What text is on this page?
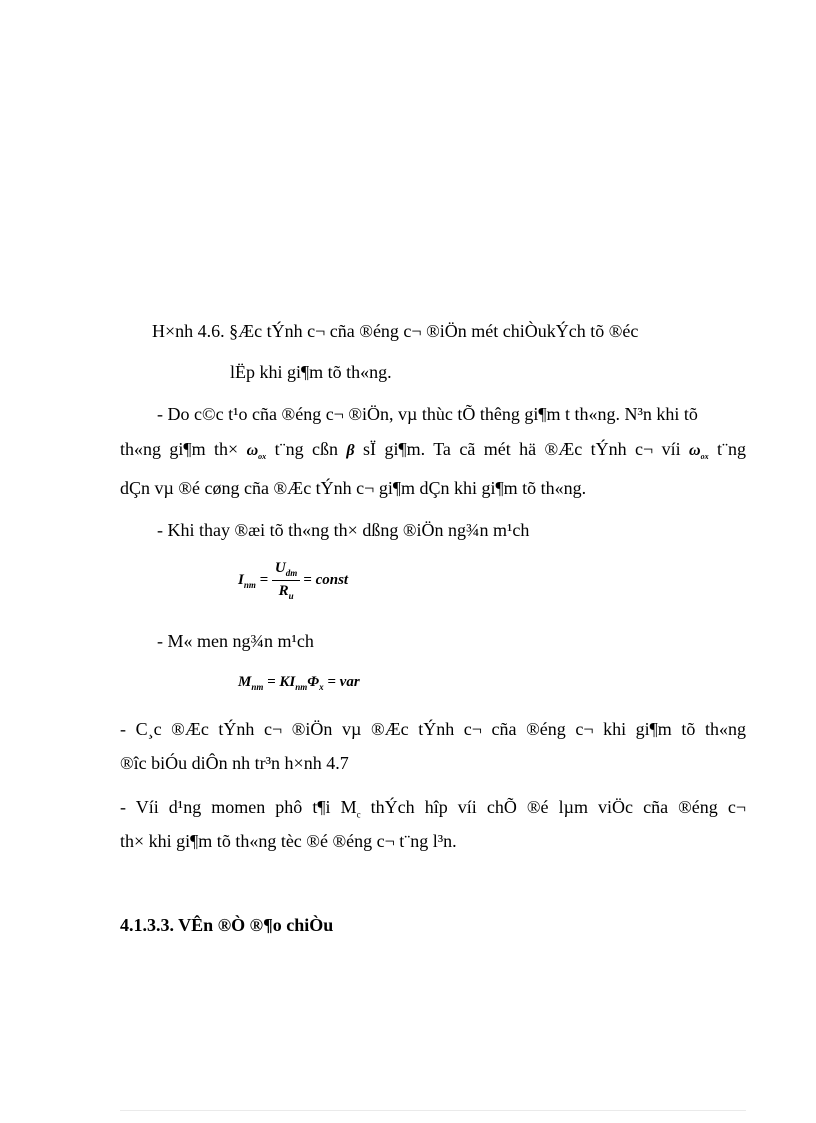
H×nh 4.6. §Æc tÝnh c¬ cña ®éng c¬ ®iÖn mét chiÒukÝch tõ ®éc
lËp khi gi¶m tõ th«ng.
- Do c©c t¹o cña ®éng c¬ ®iÖn, vµ thùc tÕ thêng gi¶m t th«ng. N³n khi tõ
th«ng gi¶m $th\times \omega_{ox}$ t¨ng cßn β sÏ gi¶m. Ta cã mét hä ®Æc tÝnh c¬ víi $\omega_{ox}$ t¨ng
dÇn vµ ®é cøng cña ®Æc tÝnh c¬ gi¶m dÇn khi gi¶m tõ th«ng.
- Khi thay ®æi tõ th«ng th× dßng ®iÖn ng¾n m¹ch
$I_{nm} = \frac{U_{dm}}{R_u}$ = const
- M« men ng¾n m¹ch
$M_{nm} = KI_{nm}\Phi_x$ = var
- C¸c ®Æc tÝnh c¬ ®iÖn vµ ®Æc tÝnh c¬ cña ®éng c¬ khi gi¶m tõ th«ng
®îc biÓu diÔn nh tr³n h×nh 4.7
- Víi d¹ng momen phô t¶i $M_c$ thÝch hîp víi chÕ ®é lµm viÖc cña ®éng c¬
th× khi gi¶m tõ th«ng tèc ®é ®éng c¬ t¨ng l³n.
4.1.3.3. VÊn ®Ò ®¶o chiÒu
